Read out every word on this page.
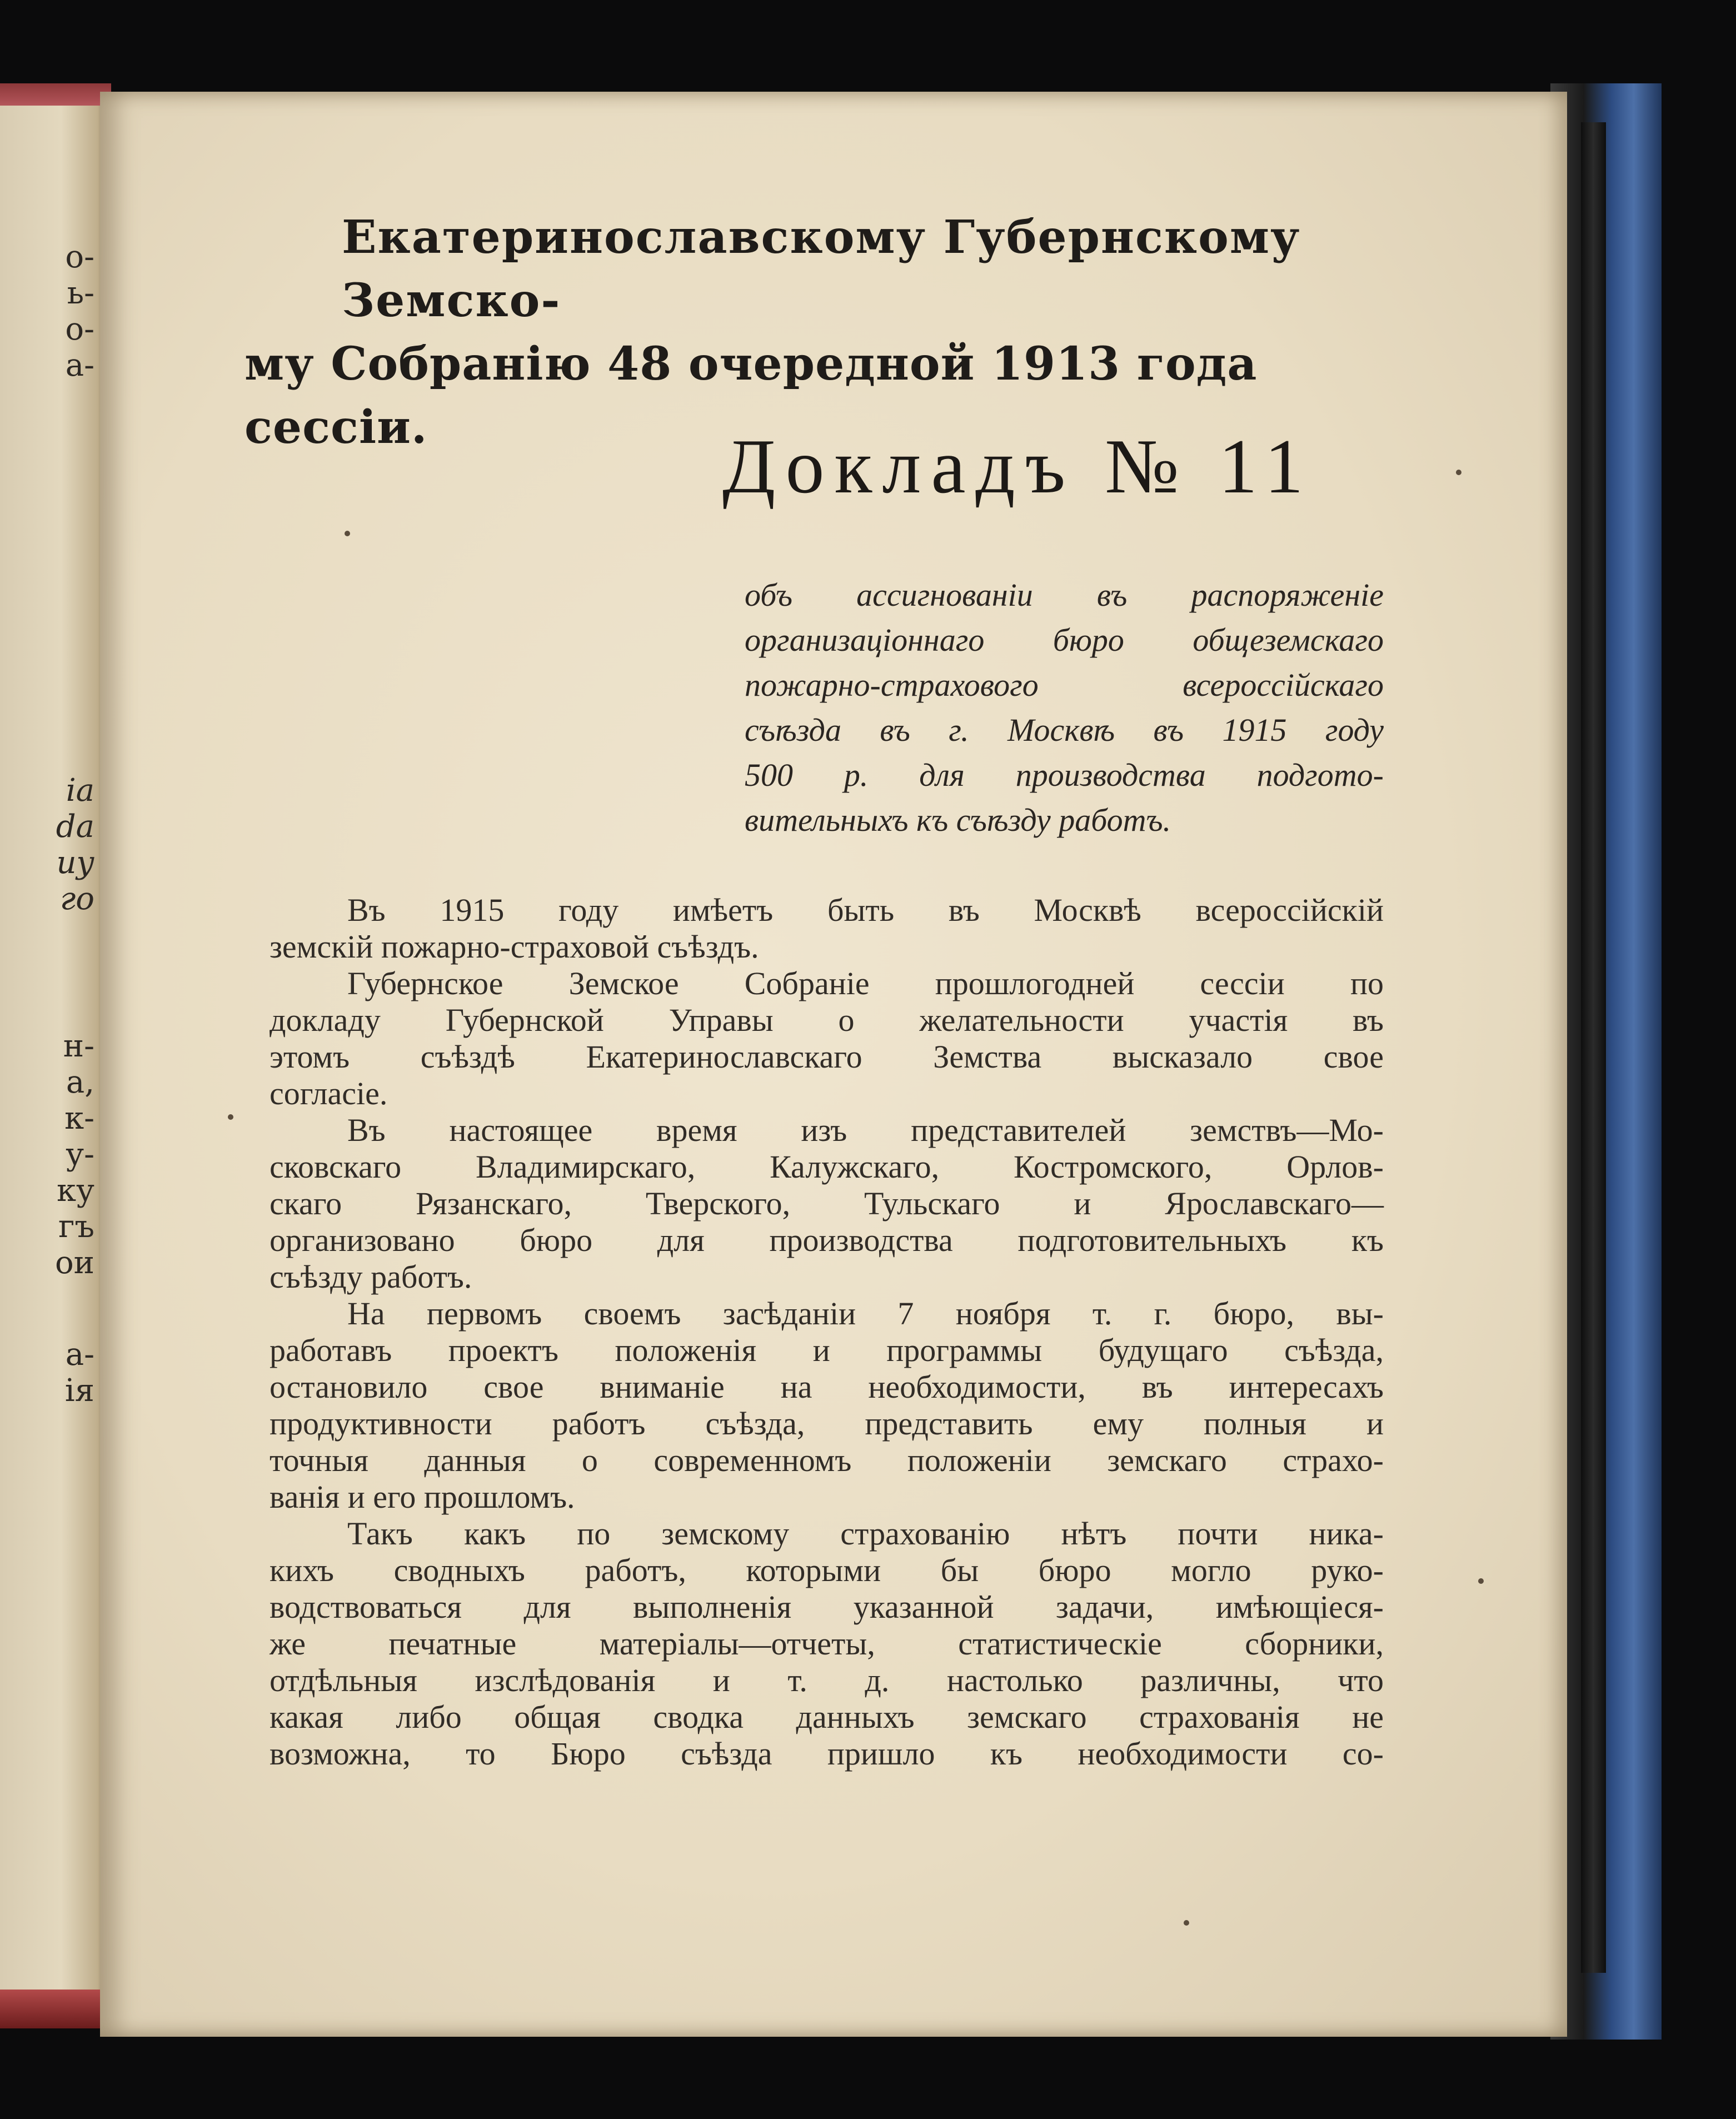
о-
ь-
о-
а-
ia
da
иу
го
н-
а,
к-
у-
ку
гъ
ои
а-
iя
Екатеринославскому Губернскому Земско-
му Собранію 48 очередной 1913 года сессіи.	Докладъ № 11
объ ассигнованіи въ распоряженіе
организаціоннаго бюро общеземскаго
пожарно-страхового всероссійскаго
съѣзда въ г. Москвѣ въ 1915 году
500 р. для производства подгото-
вительныхъ къ съѣзду работъ.
Въ 1915 году имѣетъ быть въ Москвѣ всероссійскій
земскій пожарно-страховой съѣздъ.
Губернское Земское Собраніе прошлогодней сессіи по
докладу Губернской Управы о желательности участія въ
этомъ съѣздѣ Екатеринославскаго Земства высказало свое
согласіе.
Въ настоящее время изъ представителей земствъ—Мо-
сковскаго Владимирскаго, Калужскаго, Костромского, Орлов-
скаго Рязанскаго, Тверского, Тульскаго и Ярославскаго—
организовано бюро для производства подготовительныхъ къ
съѣзду работъ.
На первомъ своемъ засѣданіи 7 ноября т. г. бюро, вы-
работавъ проектъ положенія и программы будущаго съѣзда,
остановило свое вниманіе на необходимости, въ интересахъ
продуктивности работъ съѣзда, представить ему полныя и
точныя данныя о современномъ положеніи земскаго страхо-
ванія и его прошломъ.
Такъ какъ по земскому страхованію нѣтъ почти ника-
кихъ сводныхъ работъ, которыми бы бюро могло руко-
водствоваться для выполненія указанной задачи, имѣющіеся-
же печатные матеріалы—отчеты, статистическіе сборники,
отдѣльныя изслѣдованія и т. д. настолько различны, что
какая либо общая сводка данныхъ земскаго страхованія не
возможна, то Бюро съѣзда пришло къ необходимости со-
